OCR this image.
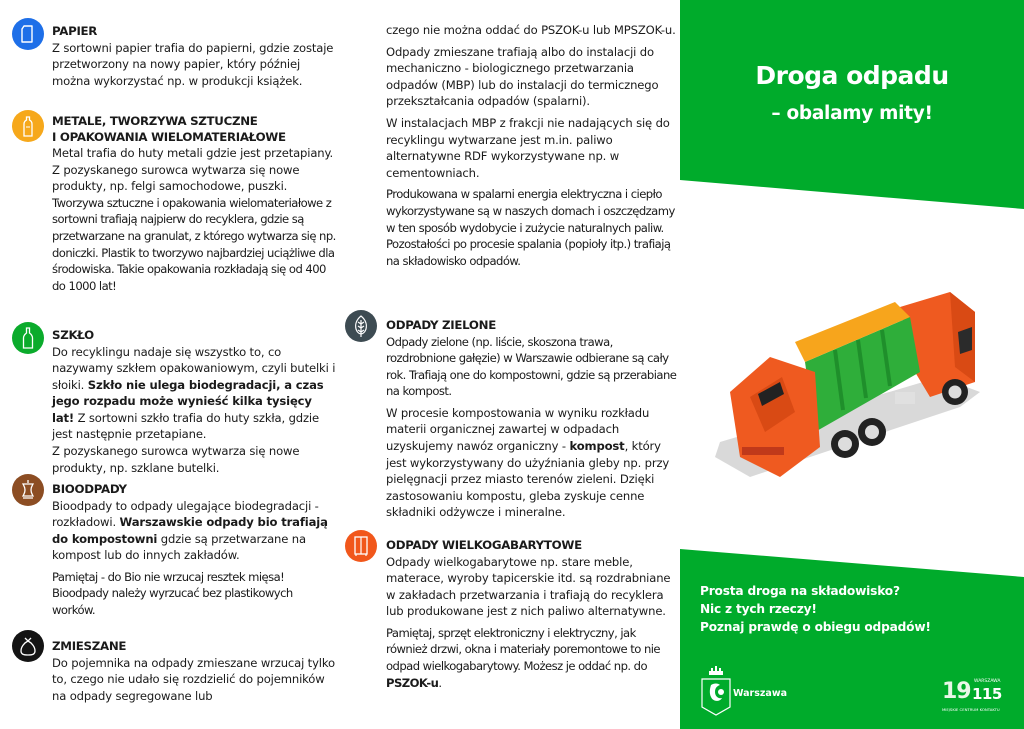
PAPIER

Z sortowni papier trafia do papierni, gdzie zostaje przetworzony na nowy papier, który później można wykorzystać np. w produkcji książek.

METALE, TWORZYWA SZTUCZNE
I OPAKOWANIA WIELOMATERIAŁOWE

Metal trafia do huty metali gdzie jest przetapiany. Z pozyskanego surowca wytwarza się nowe produkty, np. felgi samochodowe, puszki.

Tworzywa sztuczne i opakowania wielomateriałowe z sortowni trafiają najpierw do recyklera, gdzie są przetwarzane na granulat, z którego wytwarza się np. doniczki. Plastik to tworzywo najbardziej uciążliwe dla środowiska. Takie opakowania rozkładają się od 400 do 1000 lat!

SZKŁO

Do recyklingu nadaje się wszystko to, co nazywamy szkłem opakowaniowym, czyli butelki i słoiki. Szkło nie ulega biodegradacji, a czas jego rozpadu może wynieść kilka tysięcy lat! Z sortowni szkło trafia do huty szkła, gdzie jest następnie przetapiane.

Z pozyskanego surowca wytwarza się nowe produkty, np. szklane butelki.

BIOODPADY

Bioodpady to odpady ulegające biodegradacji - rozkładowi. Warszawskie odpady bio trafiają do kompostowni gdzie są przetwarzane na kompost lub do innych zakładów.

Pamiętaj - do Bio nie wrzucaj resztek mięsa! Bioodpady należy wyrzucać bez plastikowych worków.

ZMIESZANE

Do pojemnika na odpady zmieszane wrzucaj tylko to, czego nie udało się rozdzielić do pojemników na odpady segregowane lub

czego nie można oddać do PSZOK-u lub MPSZOK-u.

Odpady zmieszane trafiają albo do instalacji do mechaniczno - biologicznego przetwarzania odpadów (MBP) lub do instalacji do termicznego przekształcania odpadów (spalarni).

W instalacjach MBP z frakcji nie nadających się do recyklingu wytwarzane jest m.in. paliwo alternatywne RDF wykorzystywane np. w cementowniach.

Produkowana w spalarni energia elektryczna i ciepło wykorzystywane są w naszych domach i oszczędzamy w ten sposób wydobycie i zużycie naturalnych paliw. Pozostałości po procesie spalania (popioły itp.) trafiają na składowisko odpadów.

ODPADY ZIELONE

Odpady zielone (np. liście, skoszona trawa, rozdrobnione gałęzie) w Warszawie odbierane są cały rok. Trafiają one do kompostowni, gdzie są przerabiane na kompost.

W procesie kompostowania w wyniku rozkładu materii organicznej zawartej w odpadach uzyskujemy nawóz organiczny - kompost, który jest wykorzystywany do użyźniania gleby np. przy pielęgnacji przez miasto terenów zieleni. Dzięki zastosowaniu kompostu, gleba zyskuje cenne składniki odżywcze i mineralne.

ODPADY WIELKOGABARYTOWE

Odpady wielkogabarytowe np. stare meble, materace, wyroby tapicerskie itd. są rozdrabniane w zakładach przetwarzania i trafiają do recyklera lub produkowane jest z nich paliwo alternatywne.

Pamiętaj, sprzęt elektroniczny i elektryczny, jak również drzwi, okna i materiały poremontowe to nie odpad wielkogabarytowy. Możesz je oddać np. do PSZOK-u.

Droga odpadu
– obalamy mity!
Prosta droga na składowisko?
Nic z tych rzeczy!
Poznaj prawdę o obiegu odpadów!
Warszawa	19 WARSZAWA
115
MIEJSKIE CENTRUM KONTAKTU
